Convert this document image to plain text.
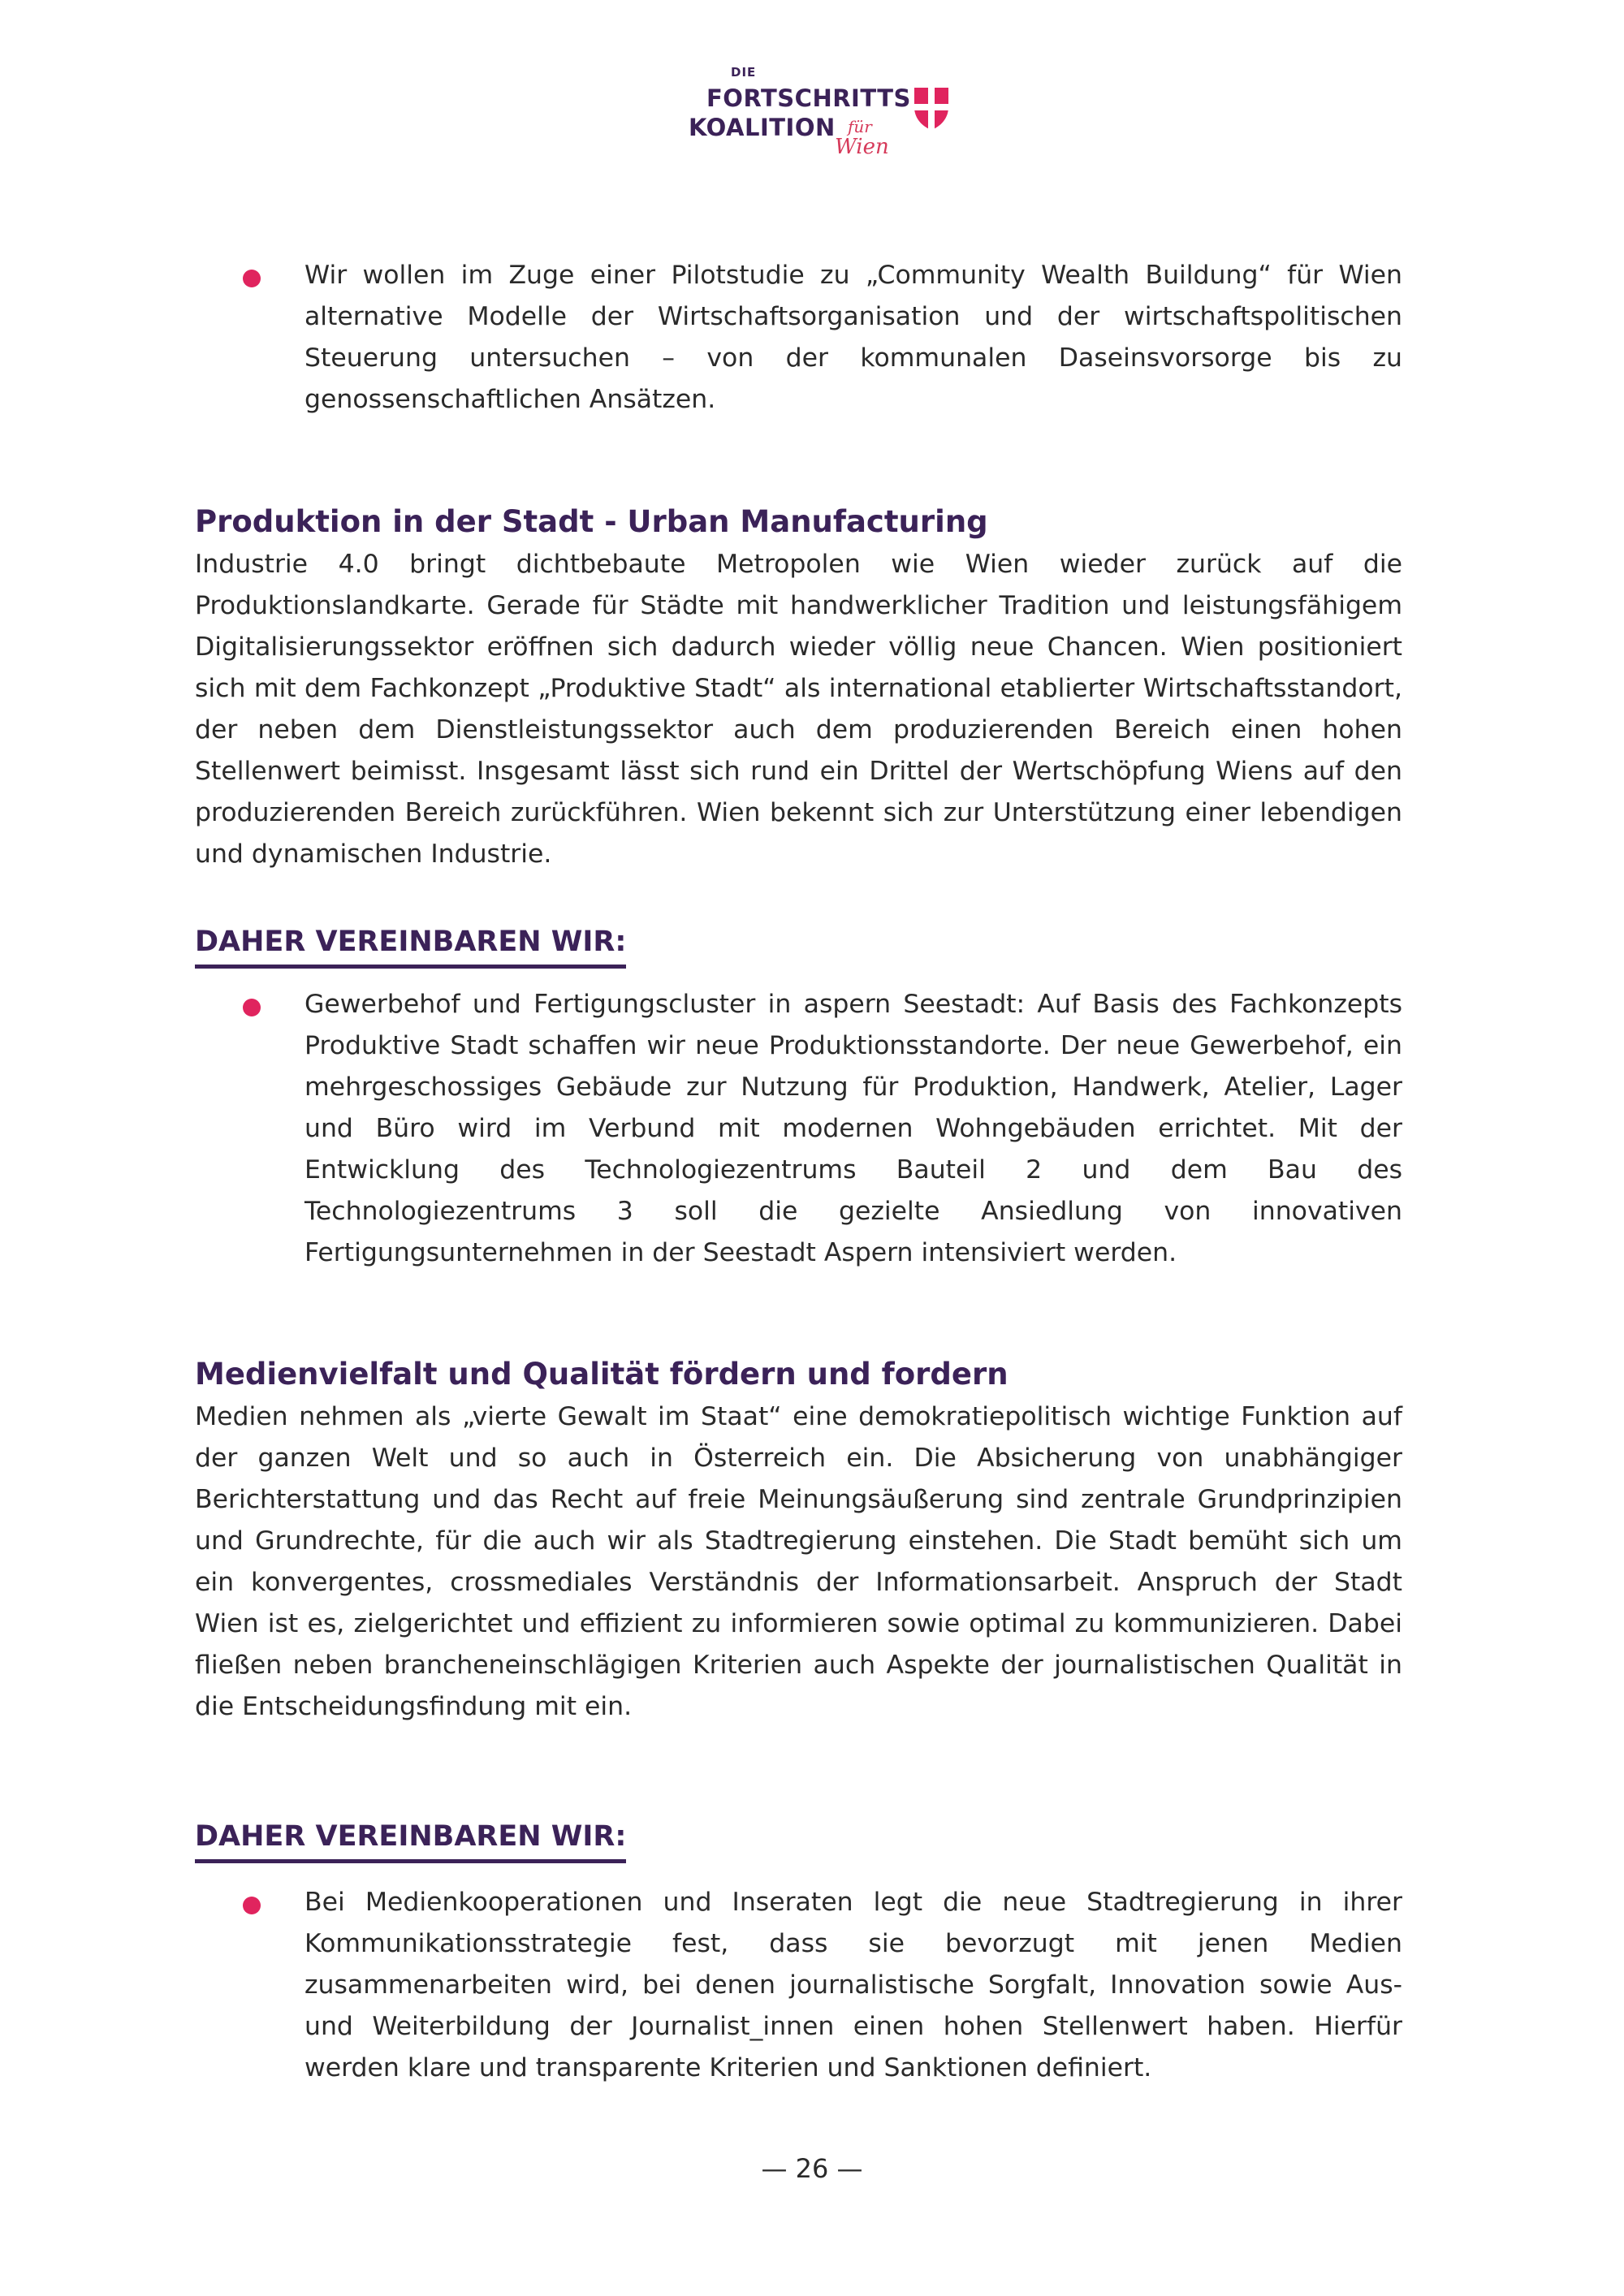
DIE
FORTSCHRITTS
KOALITION für
Wien

Wir wollen im Zuge einer Pilotstudie zu „Community Wealth Buildung“ für Wien alternative Modelle der Wirtschaftsorganisation und der wirtschaftspolitischen Steuerung untersuchen – von der kommunalen Daseinsvorsorge bis zu genossenschaftlichen Ansätzen.

Produktion in der Stadt - Urban Manufacturing

Industrie 4.0 bringt dichtbebaute Metropolen wie Wien wieder zurück auf die Produktionslandkarte. Gerade für Städte mit handwerklicher Tradition und leistungsfähigem Digitalisierungssektor eröffnen sich dadurch wieder völlig neue Chancen. Wien positioniert sich mit dem Fachkonzept „Produktive Stadt“ als international etablierter Wirtschaftsstandort, der neben dem Dienstleistungssektor auch dem produzierenden Bereich einen hohen Stellenwert beimisst. Insgesamt lässt sich rund ein Drittel der Wertschöpfung Wiens auf den produzierenden Bereich zurückführen. Wien bekennt sich zur Unterstützung einer lebendigen und dynamischen Industrie.

DAHER VEREINBAREN WIR:

Gewerbehof und Fertigungscluster in aspern Seestadt: Auf Basis des Fachkonzepts Produktive Stadt schaffen wir neue Produktionsstandorte. Der neue Gewerbehof, ein mehrgeschossiges Gebäude zur Nutzung für Produktion, Handwerk, Atelier, Lager und Büro wird im Verbund mit modernen Wohngebäuden errichtet. Mit der Entwicklung des Technologiezentrums Bauteil 2 und dem Bau des Technologiezentrums 3 soll die gezielte Ansiedlung von innovativen Fertigungsunternehmen in der Seestadt Aspern intensiviert werden.

Medienvielfalt und Qualität fördern und fordern

Medien nehmen als „vierte Gewalt im Staat“ eine demokratiepolitisch wichtige Funktion auf der ganzen Welt und so auch in Österreich ein. Die Absicherung von unabhängiger Berichterstattung und das Recht auf freie Meinungsäußerung sind zentrale Grundprinzipien und Grundrechte, für die auch wir als Stadtregierung einstehen. Die Stadt bemüht sich um ein konvergentes, crossmediales Verständnis der Informationsarbeit. Anspruch der Stadt Wien ist es, zielgerichtet und effizient zu informieren sowie optimal zu kommunizieren. Dabei fließen neben brancheneinschlägigen Kriterien auch Aspekte der journalistischen Qualität in die Entscheidungsfindung mit ein.

DAHER VEREINBAREN WIR:

Bei Medienkooperationen und Inseraten legt die neue Stadtregierung in ihrer Kommunikationsstrategie fest, dass sie bevorzugt mit jenen Medien zusammenarbeiten wird, bei denen journalistische Sorgfalt, Innovation sowie Aus- und Weiterbildung der Journalist_innen einen hohen Stellenwert haben. Hierfür werden klare und transparente Kriterien und Sanktionen definiert.

— 26 —
